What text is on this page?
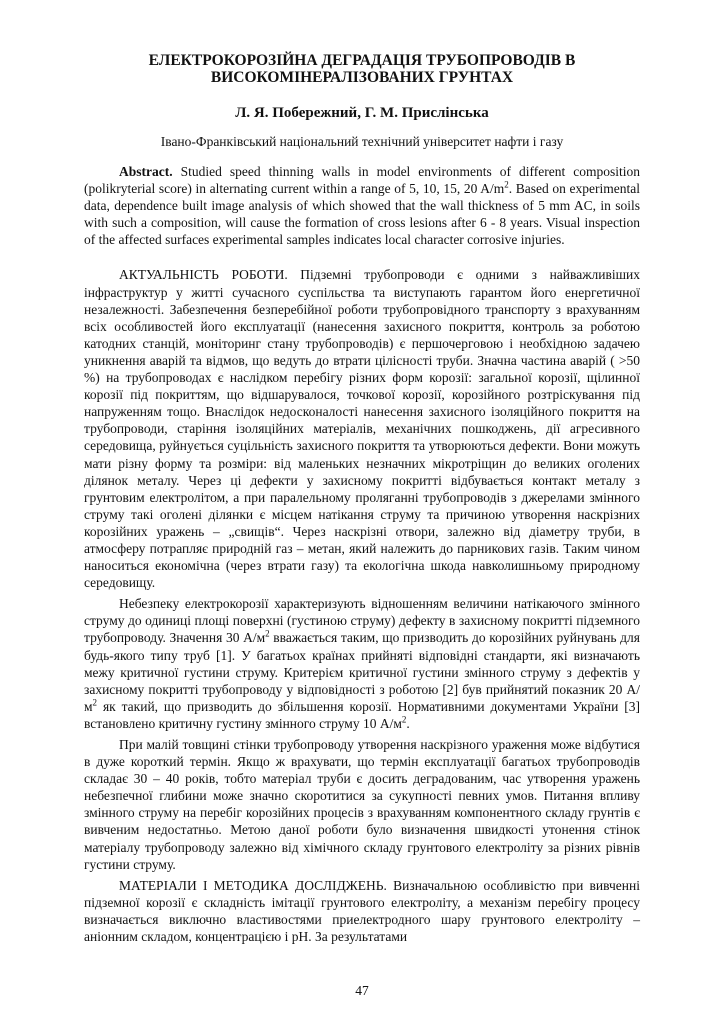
ЕЛЕКТРОКОРОЗІЙНА ДЕГРАДАЦІЯ ТРУБОПРОВОДІВ В
ВИСОКОМІНЕРАЛІЗОВАНИХ ГРУНТАХ
Л. Я. Побережний, Г. М. Прислінська
Івано-Франківський національний технічний університет нафти і газу

Abstract. Studied speed thinning walls in model environments of different composition (polikryterial score) in alternating current within a range of 5, 10, 15, 20 $A/m^2$. Based on experimental data, dependence built image analysis of which showed that the wall thickness of 5 mm AC, in soils with such a composition, will cause the formation of cross lesions after 6 - 8 years. Visual inspection of the affected surfaces experimental samples indicates local character corrosive injuries.

АКТУАЛЬНІСТЬ РОБОТИ. Підземні трубопроводи є одними з найважливіших інфраструктур у житті сучасного суспільства та виступають гарантом його енергетичної незалежності. Забезпечення безперебійної роботи трубопровідного транспорту з врахуванням всіх особливостей його експлуатації (нанесення захисного покриття, контроль за роботою катодних станцій, моніторинг стану трубопроводів) є першочерговою і необхідною задачею уникнення аварій та відмов, що ведуть до втрати цілісності труби. Значна частина аварій ( >50 %) на трубопроводах є наслідком перебігу різних форм корозії: загальної корозії, щілинної корозії під покриттям, що відшарувалося, точкової корозії, корозійного розтріскування під напруженням тощо. Внаслідок недосконалості нанесення захисного ізоляційного покриття на трубопроводи, старіння ізоляційних матеріалів, механічних пошкоджень, дії агресивного середовища, руйнується суцільність захисного покриття та утворюються дефекти. Вони можуть мати різну форму та розміри: від маленьких незначних мікротріщин до великих оголених ділянок металу. Через ці дефекти у захисному покритті відбувається контакт металу з грунтовим електролітом, а при паралельному проляганні трубопроводів з джерелами змінного струму такі оголені ділянки є місцем натікання струму та причиною утворення наскрізних корозійних уражень – „свищів“. Через наскрізні отвори, залежно від діаметру труби, в атмосферу потрапляє природній газ – метан, який належить до парникових газів. Таким чином наноситься економічна (через втрати газу) та екологічна шкода навколишньому природному середовищу.

Небезпеку електрокорозії характеризують відношенням величини натікаючого змінного струму до одиниці площі поверхні (густиною струму) дефекту в захисному покритті підземного трубопроводу. Значення 30 $А/м^2$ вважається таким, що призводить до корозійних руйнувань для будь-якого типу труб [1]. У багатьох країнах прийняті відповідні стандарти, які визначають межу критичної густини струму. Критерієм критичної густини змінного струму з дефектів у захисному покритті трубопроводу у відповідності з роботою [2] був прийнятий показник 20 $А/м^2$ як такий, що призводить до збільшення корозії. Нормативними документами України [3] встановлено критичну густину змінного струму 10 $А/м^2$.

При малій товщині стінки трубопроводу утворення наскрізного ураження може відбутися в дуже короткий термін. Якщо ж врахувати, що термін експлуатації багатьох трубопроводів складає 30 – 40 років, тобто матеріал труби є досить деградованим, час утворення уражень небезпечної глибини може значно скоротитися за сукупності певних умов. Питання впливу змінного струму на перебіг корозійних процесів з врахуванням компонентного складу грунтів є вивченим недостатньо. Метою даної роботи було визначення швидкості утонення стінок матеріалу трубопроводу залежно від хімічного складу грунтового електроліту за різних рівнів густини струму.

МАТЕРІАЛИ І МЕТОДИКА ДОСЛІДЖЕНЬ. Визначальною особливістю при вивченні підземної корозії є складність імітації грунтового електроліту, а механізм перебігу процесу визначається виключно властивостями приелектродного шару грунтового електроліту – аніонним складом, концентрацією і pH. За результатами

47
